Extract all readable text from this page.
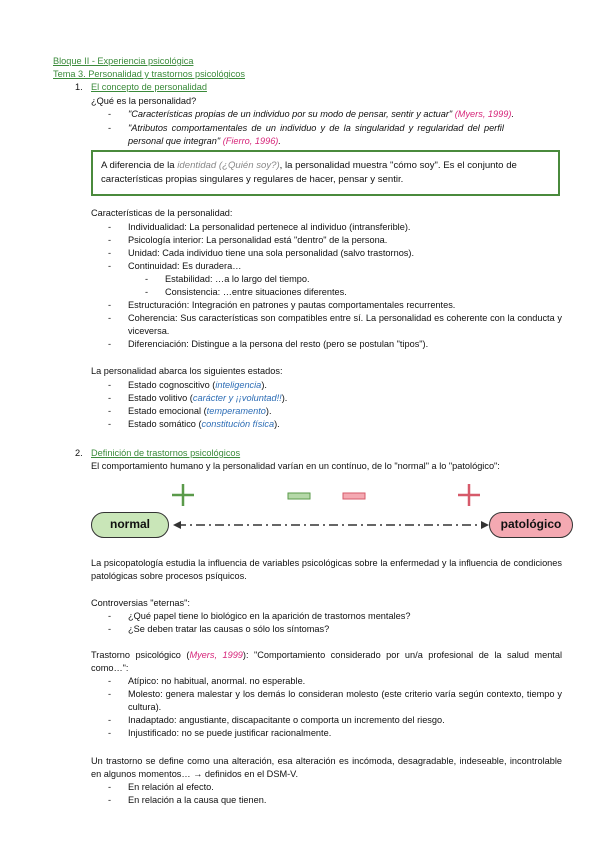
Bloque II - Experiencia psicológica
Tema 3. Personalidad y trastornos psicológicos
1. El concepto de personalidad
¿Qué es la personalidad?
-	"Características propias de un individuo por su modo de pensar, sentir y actuar" (Myers, 1999).
-	"Atributos comportamentales de un individuo y de la singularidad y regularidad del perfil
personal que integran" (Fierro, 1996).
A diferencia de la identidad (¿Quién soy?), la personalidad muestra "cómo soy". Es el conjunto de características propias singulares y regulares de hacer, pensar y sentir.
Características de la personalidad:
-	Individualidad: La personalidad pertenece al individuo (intransferible).
-	Psicología interior: La personalidad está "dentro" de la persona.
-	Unidad: Cada individuo tiene una sola personalidad (salvo trastornos).
-	Continuidad: Es duradera…
-	Estabilidad: …a lo largo del tiempo.
-	Consistencia: …entre situaciones diferentes.
-	Estructuración: Integración en patrones y pautas comportamentales recurrentes.
-	Coherencia: Sus características son compatibles entre sí. La personalidad es coherente con la conducta y viceversa.
-	Diferenciación: Distingue a la persona del resto (pero se postulan "tipos").
La personalidad abarca los siguientes estados:
-	Estado cognoscitivo (inteligencia).
-	Estado volitivo (carácter y ¡¡voluntad!!).
-	Estado emocional (temperamento).
-	Estado somático (constitución física).
2. Definición de trastornos psicológicos
El comportamiento humano y la personalidad varían en un contínuo, de lo "normal" a lo "patológico":
normal	patológico
La psicopatología estudia la influencia de variables psicológicas sobre la enfermedad y la influencia de condiciones patológicas sobre procesos psíquicos.
Controversias "eternas":
-	¿Qué papel tiene lo biológico en la aparición de trastornos mentales?
-	¿Se deben tratar las causas o sólo los síntomas?
Trastorno psicológico (Myers, 1999): "Comportamiento considerado por un/a profesional de la salud mental como…":
-	Atípico: no habitual, anormal. no esperable.
-	Molesto: genera malestar y los demás lo consideran molesto (este criterio varía según contexto, tiempo y cultura).
-	Inadaptado: angustiante, discapacitante o comporta un incremento del riesgo.
-	Injustificado: no se puede justificar racionalmente.
Un trastorno se define como una alteración, esa alteración es incómoda, desagradable, indeseable, incontrolable en algunos momentos… → definidos en el DSM-V.
-	En relación al efecto.
-	En relación a la causa que tienen.
